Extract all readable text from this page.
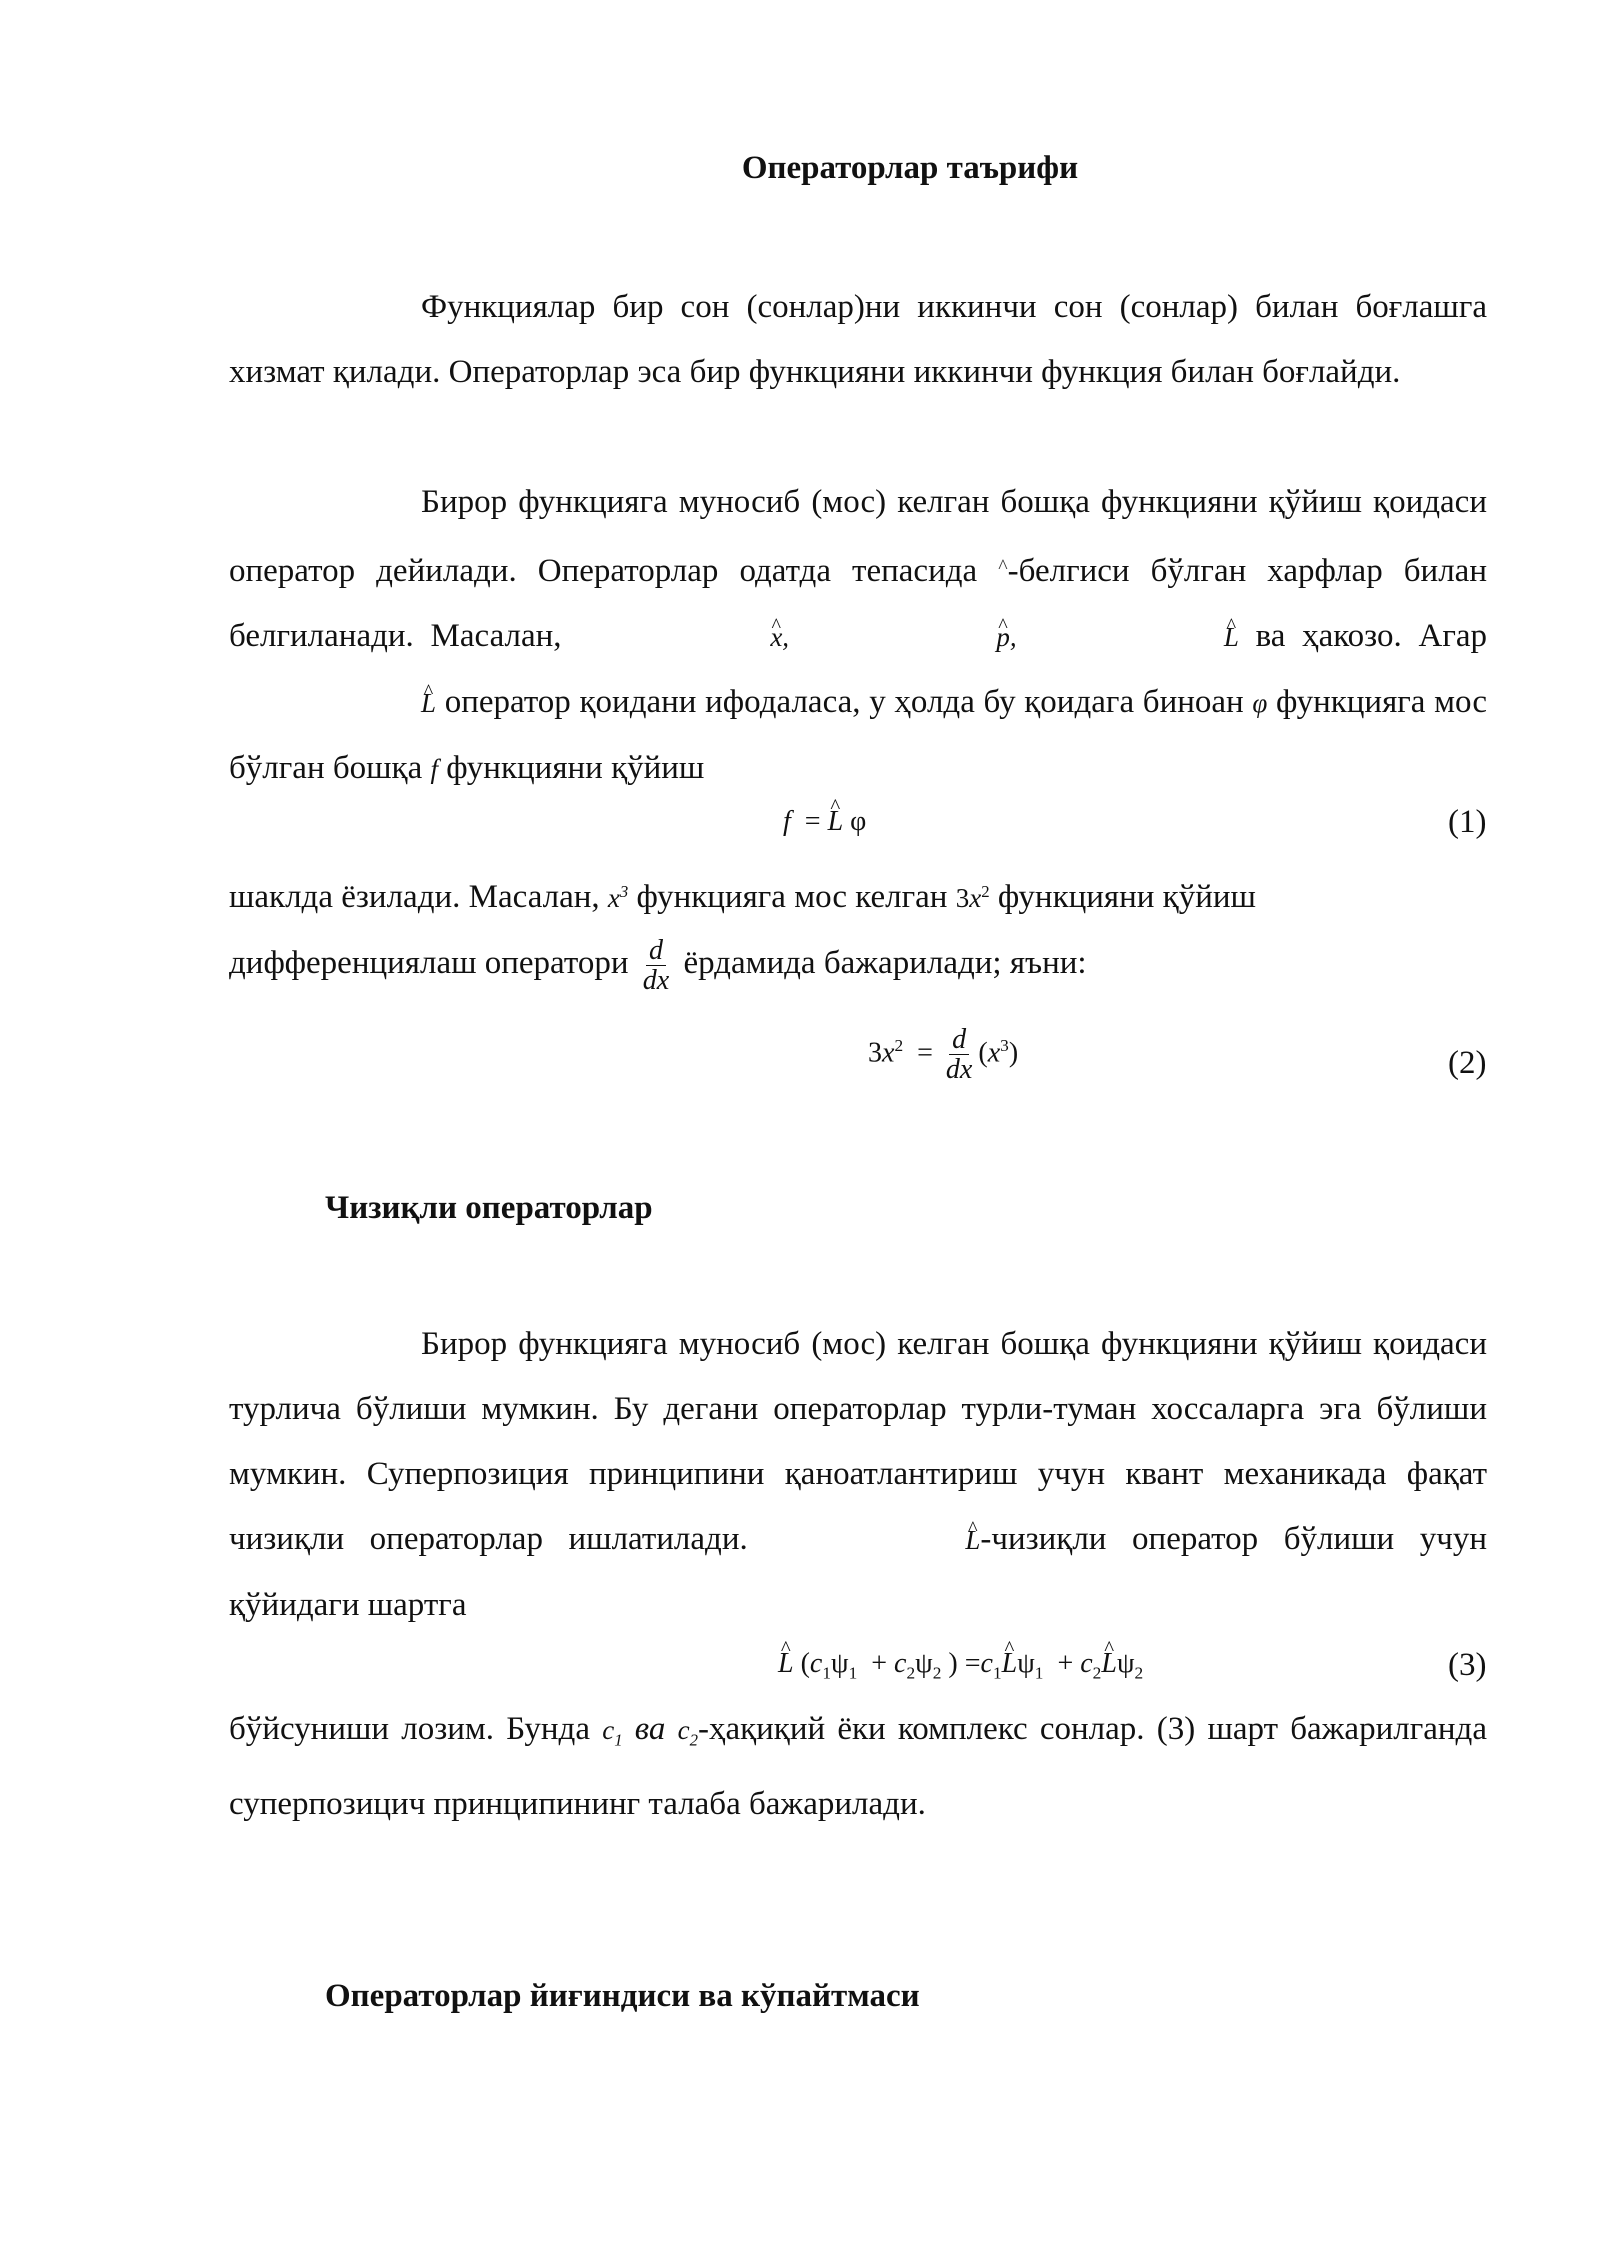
Операторлар таърифи
Функциялар бир сон (сонлар)ни иккинчи сон (сонлар) билан боғлашга хизмат қилади. Операторлар эса бир функцияни иккинчи функция билан боғлайди.
Бирор функцияга муносиб (мос) келган бошқа функцияни қўйиш қоидаси оператор дейилади. Операторлар одатда тепасида ^-белгиси бўлган харфлар билан белгиланади. Масалан,	^ x,	^ p,	^ L ва ҳакозо. Агар ^ L оператор қоидани ифодаласа, у ҳолда бу қоидага биноан φ функцияга мос бўлган бошқа f функцияни қўйиш
f  = ^ L φ	(1)
шаклда ёзилади. Масалан, $x^3$ функцияга мос келган $3x^2$ функцияни қўйиш
дифференциялаш оператори $\frac{d}{dx}$ ёрдамида бажарилади; яъни:
$3x^2 = \frac{d}{dx} (x^3)$	(2)
Чизиқли операторлар
Бирор функцияга муносиб (мос) келган бошқа функцияни қўйиш қоидаси турлича бўлиши мумкин. Бу дегани операторлар турли-туман хоссаларга эга бўлиши мумкин. Суперпозиция принципини қаноатлантириш учун квант механикада фақат чизиқли операторлар ишлатилади.	^ L-чизиқли оператор бўлиши учун қўйидаги шартга
^ L ($c_1\psi_1 + c_2\psi_2$ ) $=c_1\^{}$ $L\psi_1$  + $c_2\^{}$ $L\psi_2$	(3)
бўйсуниши лозим. Бунда $c_1$ ва $c_2$-ҳақиқий ёки комплекс сонлар. (3) шарт бажарилганда суперпозицич принципининг талаба бажарилади.
Операторлар йиғиндиси ва кўпайтмаси
